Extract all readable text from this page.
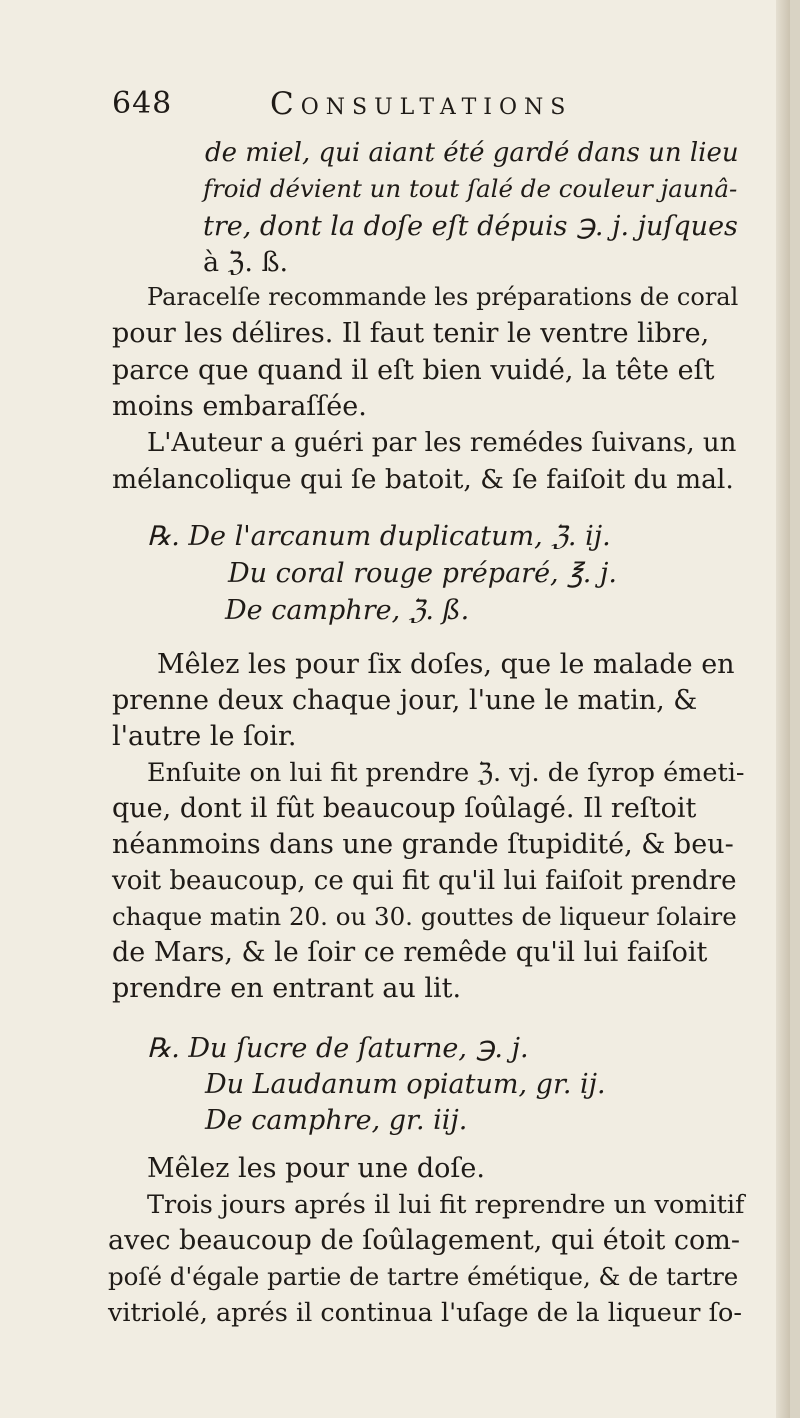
648	Consultations

de miel, qui aiant été gardé dans un lieu

froid dévient un tout ſalé de couleur jaunâ-

tre, dont la doſe eſt dépuis ℈. j. juſques

à ℨ. ß.

Paracelſe recommande les préparations de coral

pour les délires. Il faut tenir le ventre libre,

parce que quand il eſt bien vuidé, la tête eſt

moins embaraſſée.

L'Auteur a guéri par les remédes ſuivans, un

mélancolique qui ſe batoit, & ſe faiſoit du mal.

℞. De l'arcanum duplicatum, ℨ. ij.

Du coral rouge préparé, ℥. j.

De camphre, ℨ. ß.

Mêlez les pour ſix doſes, que le malade en

prenne deux chaque jour, l'une le matin, &

l'autre le ſoir.

Enſuite on lui fit prendre ℨ. vj. de ſyrop émeti-

que, dont il fût beaucoup ſoûlagé. Il reſtoit

néanmoins dans une grande ſtupidité, & beu-

voit beaucoup, ce qui fit qu'il lui faiſoit prendre

chaque matin 20. ou 30. gouttes de liqueur ſolaire

de Mars, & le ſoir ce remêde qu'il lui faiſoit

prendre en entrant au lit.

℞. Du ſucre de ſaturne, ℈. j.

Du Laudanum opiatum, gr. ij.

De camphre, gr. iij.

Mêlez les pour une doſe.

Trois jours aprés il lui fit reprendre un vomitif

avec beaucoup de ſoûlagement, qui étoit com-

poſé d'égale partie de tartre émétique, & de tartre

vitriolé, aprés il continua l'uſage de la liqueur ſo-
